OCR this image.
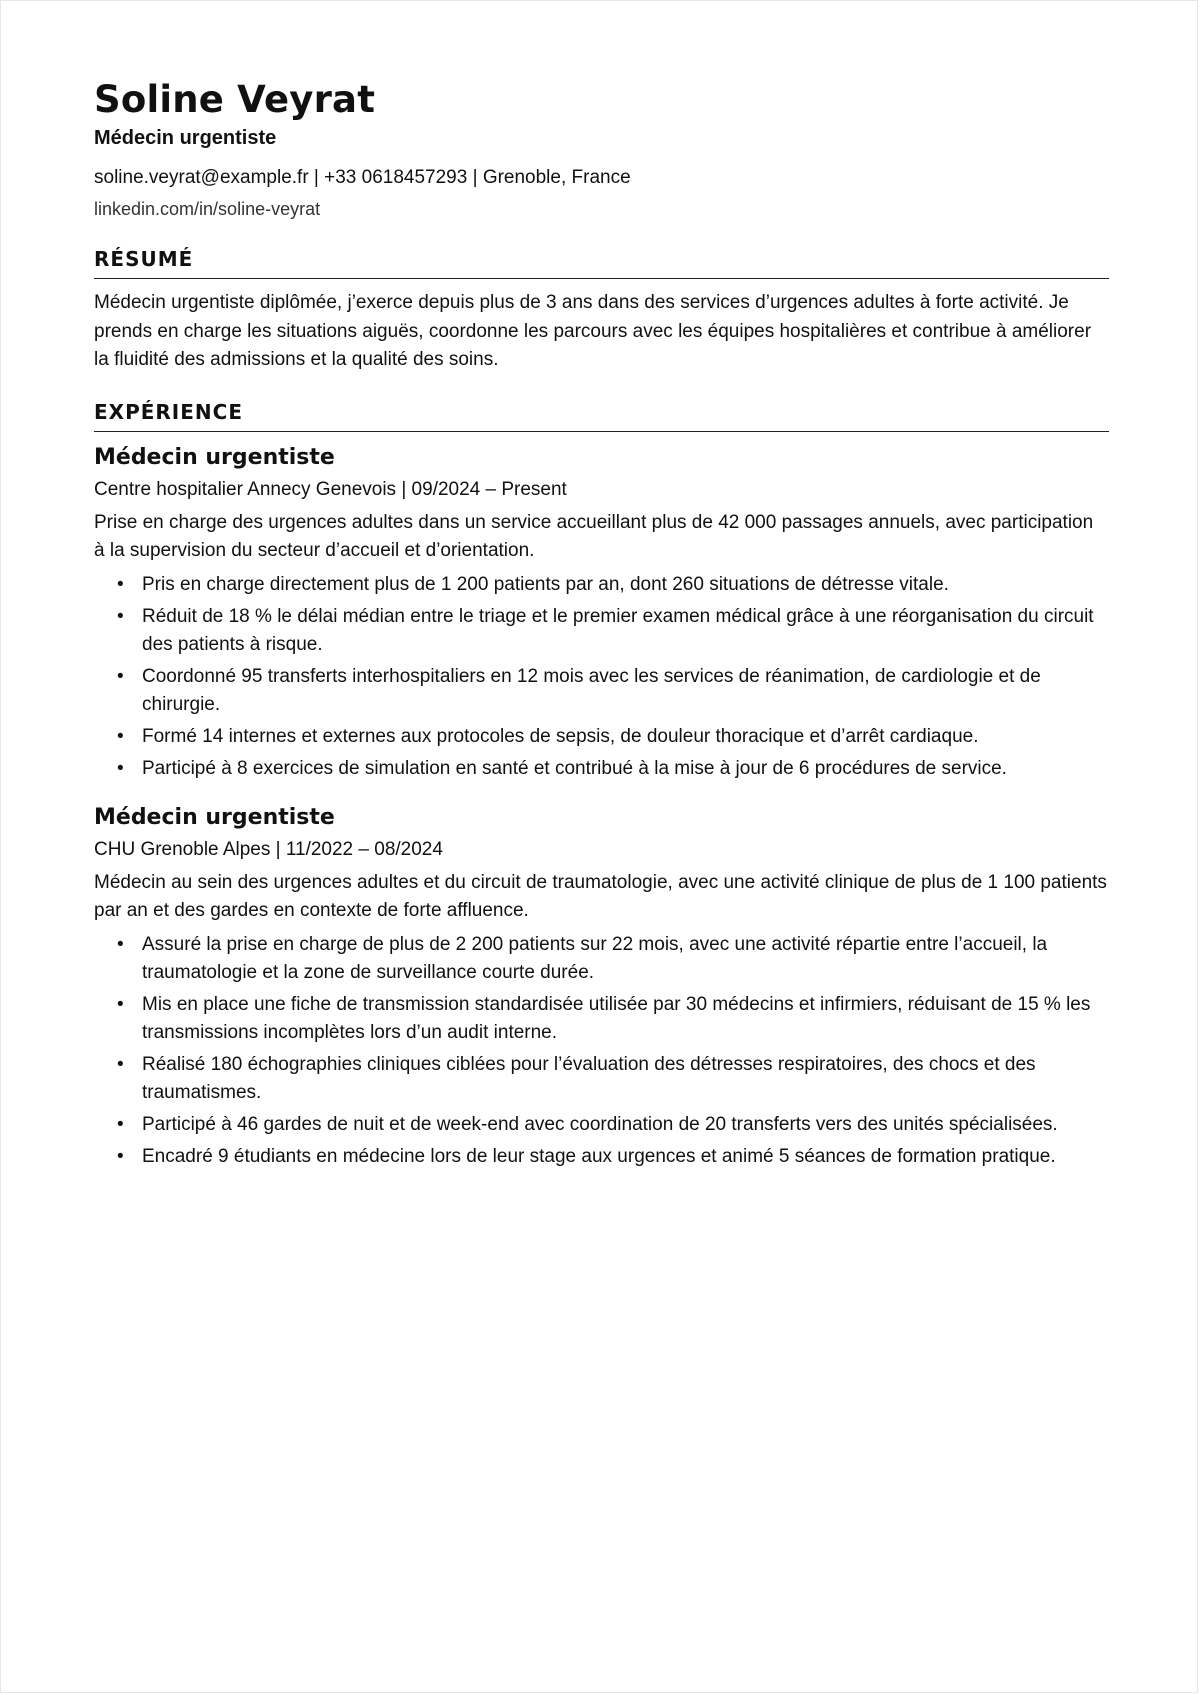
Soline Veyrat
Médecin urgentiste
soline.veyrat@example.fr | +33 0618457293 | Grenoble, France
linkedin.com/in/soline-veyrat
RÉSUMÉ

Médecin urgentiste diplômée, j’exerce depuis plus de 3 ans dans des services d’urgences adultes à forte activité. Je prends en charge les situations aiguës, coordonne les parcours avec les équipes hospitalières et contribue à améliorer la fluidité des admissions et la qualité des soins.

EXPÉRIENCE
Médecin urgentiste
Centre hospitalier Annecy Genevois | 09/2024 – Present

Prise en charge des urgences adultes dans un service accueillant plus de 42 000 passages annuels, avec participation à la supervision du secteur d’accueil et d’orientation.

• Pris en charge directement plus de 1 200 patients par an, dont 260 situations de détresse vitale.
• Réduit de 18 % le délai médian entre le triage et le premier examen médical grâce à une réorganisation du circuit des patients à risque.
• Coordonné 95 transferts interhospitaliers en 12 mois avec les services de réanimation, de cardiologie et de chirurgie.
• Formé 14 internes et externes aux protocoles de sepsis, de douleur thoracique et d’arrêt cardiaque.
• Participé à 8 exercices de simulation en santé et contribué à la mise à jour de 6 procédures de service.
Médecin urgentiste
CHU Grenoble Alpes | 11/2022 – 08/2024

Médecin au sein des urgences adultes et du circuit de traumatologie, avec une activité clinique de plus de 1 100 patients par an et des gardes en contexte de forte affluence.

• Assuré la prise en charge de plus de 2 200 patients sur 22 mois, avec une activité répartie entre l’accueil, la traumatologie et la zone de surveillance courte durée.
• Mis en place une fiche de transmission standardisée utilisée par 30 médecins et infirmiers, réduisant de 15 % les transmissions incomplètes lors d’un audit interne.
• Réalisé 180 échographies cliniques ciblées pour l’évaluation des détresses respiratoires, des chocs et des traumatismes.
• Participé à 46 gardes de nuit et de week-end avec coordination de 20 transferts vers des unités spécialisées.
• Encadré 9 étudiants en médecine lors de leur stage aux urgences et animé 5 séances de formation pratique.
